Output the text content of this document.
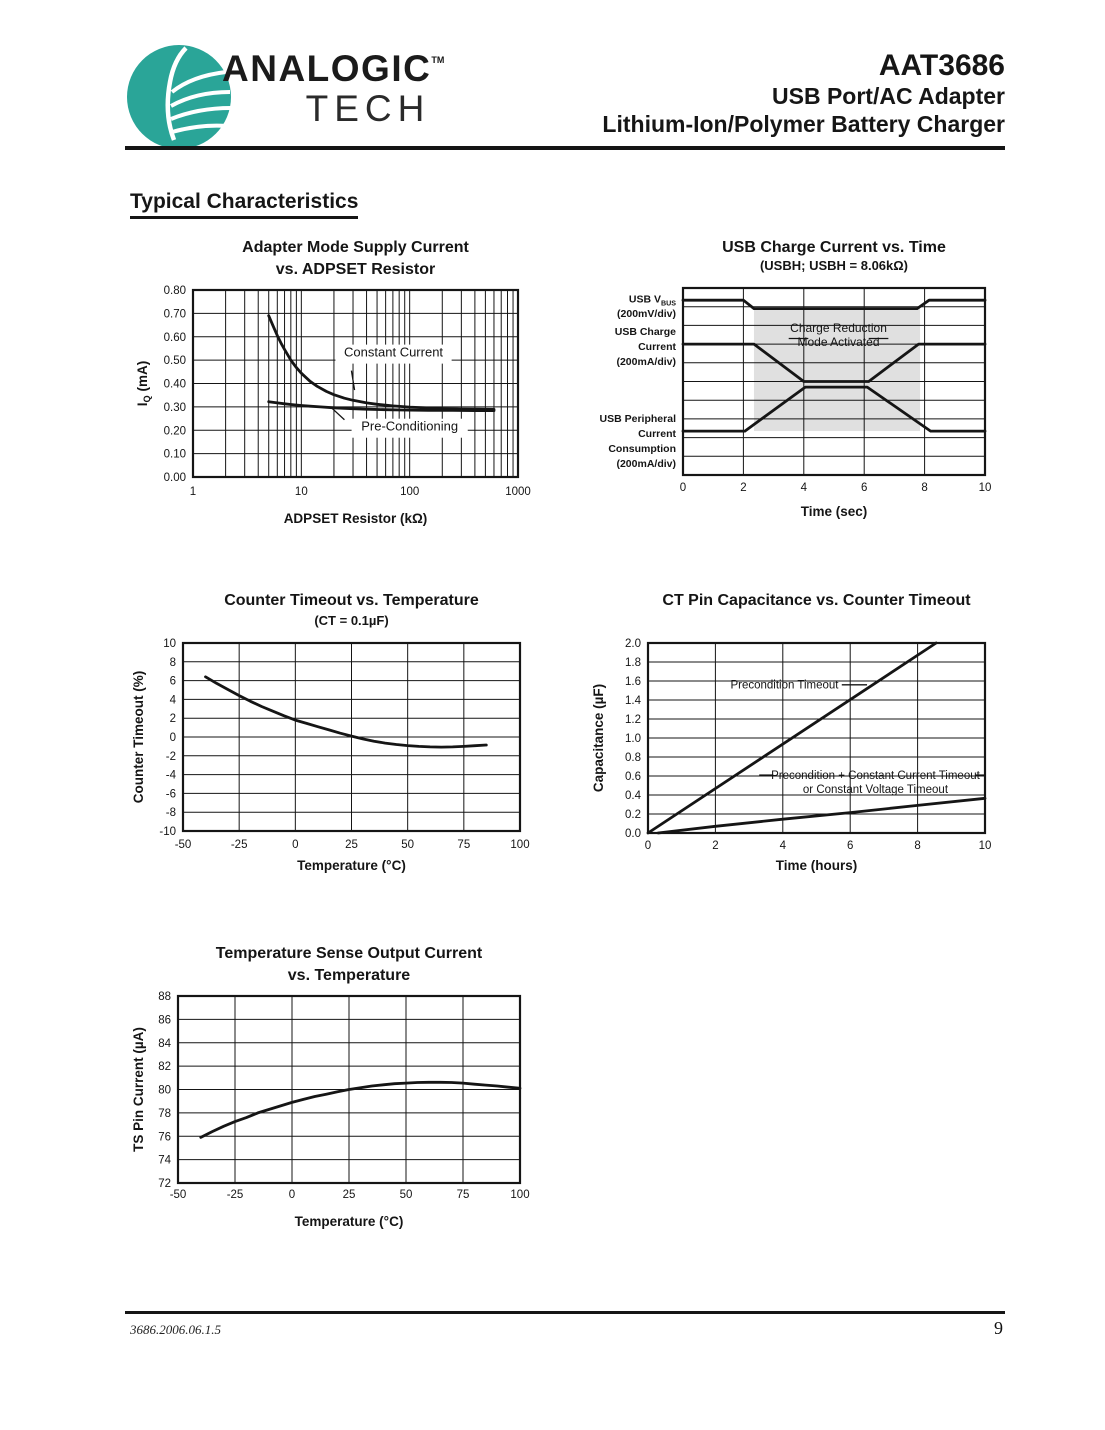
ANALOGIC™
TECH
AAT3686
USB Port/AC Adapter
Lithium-Ion/Polymer Battery Charger
Typical Characteristics
Adapter Mode Supply Current
vs. ADPSET Resistor
Constant Current
Pre-Conditioning
1	10	100	1000
0.00
0.10
0.20
0.30
0.40
0.50
0.60
0.70
0.80
ADPSET Resistor (kΩ)
$I_Q$ (mA)
USB Charge Current vs. Time
(USBH; USBH = 8.06kΩ)
Charge Reduction
Mode Activated
0	2	4	6	8	10
USB $V_{BUS}$
(200mV/div)
USB Charge
Current
(200mA/div)
USB Peripheral
Current
Consumption
(200mA/div)
Time (sec)
Counter Timeout vs. Temperature
(CT = 0.1µF)
-50	-25	0	25	50	75	100
-10
-8
-6
-4
-2
0
2
4
6
8
10
Temperature (°C)
Counter Timeout (%)
CT Pin Capacitance vs. Counter Timeout
Precondition Timeout
Precondition + Constant Current Timeout
or Constant Voltage Timeout
0	2	4	6	8	10
0.0
0.2
0.4
0.6
0.8
1.0
1.2
1.4
1.6
1.8
2.0
Time (hours)
Capacitance (µF)
Temperature Sense Output Current
vs. Temperature
-50	-25	0	25	50	75	100
72
74
76
78
80
82
84
86
88
Temperature (°C)
TS Pin Current (µA)
3686.2006.06.1.5	9
